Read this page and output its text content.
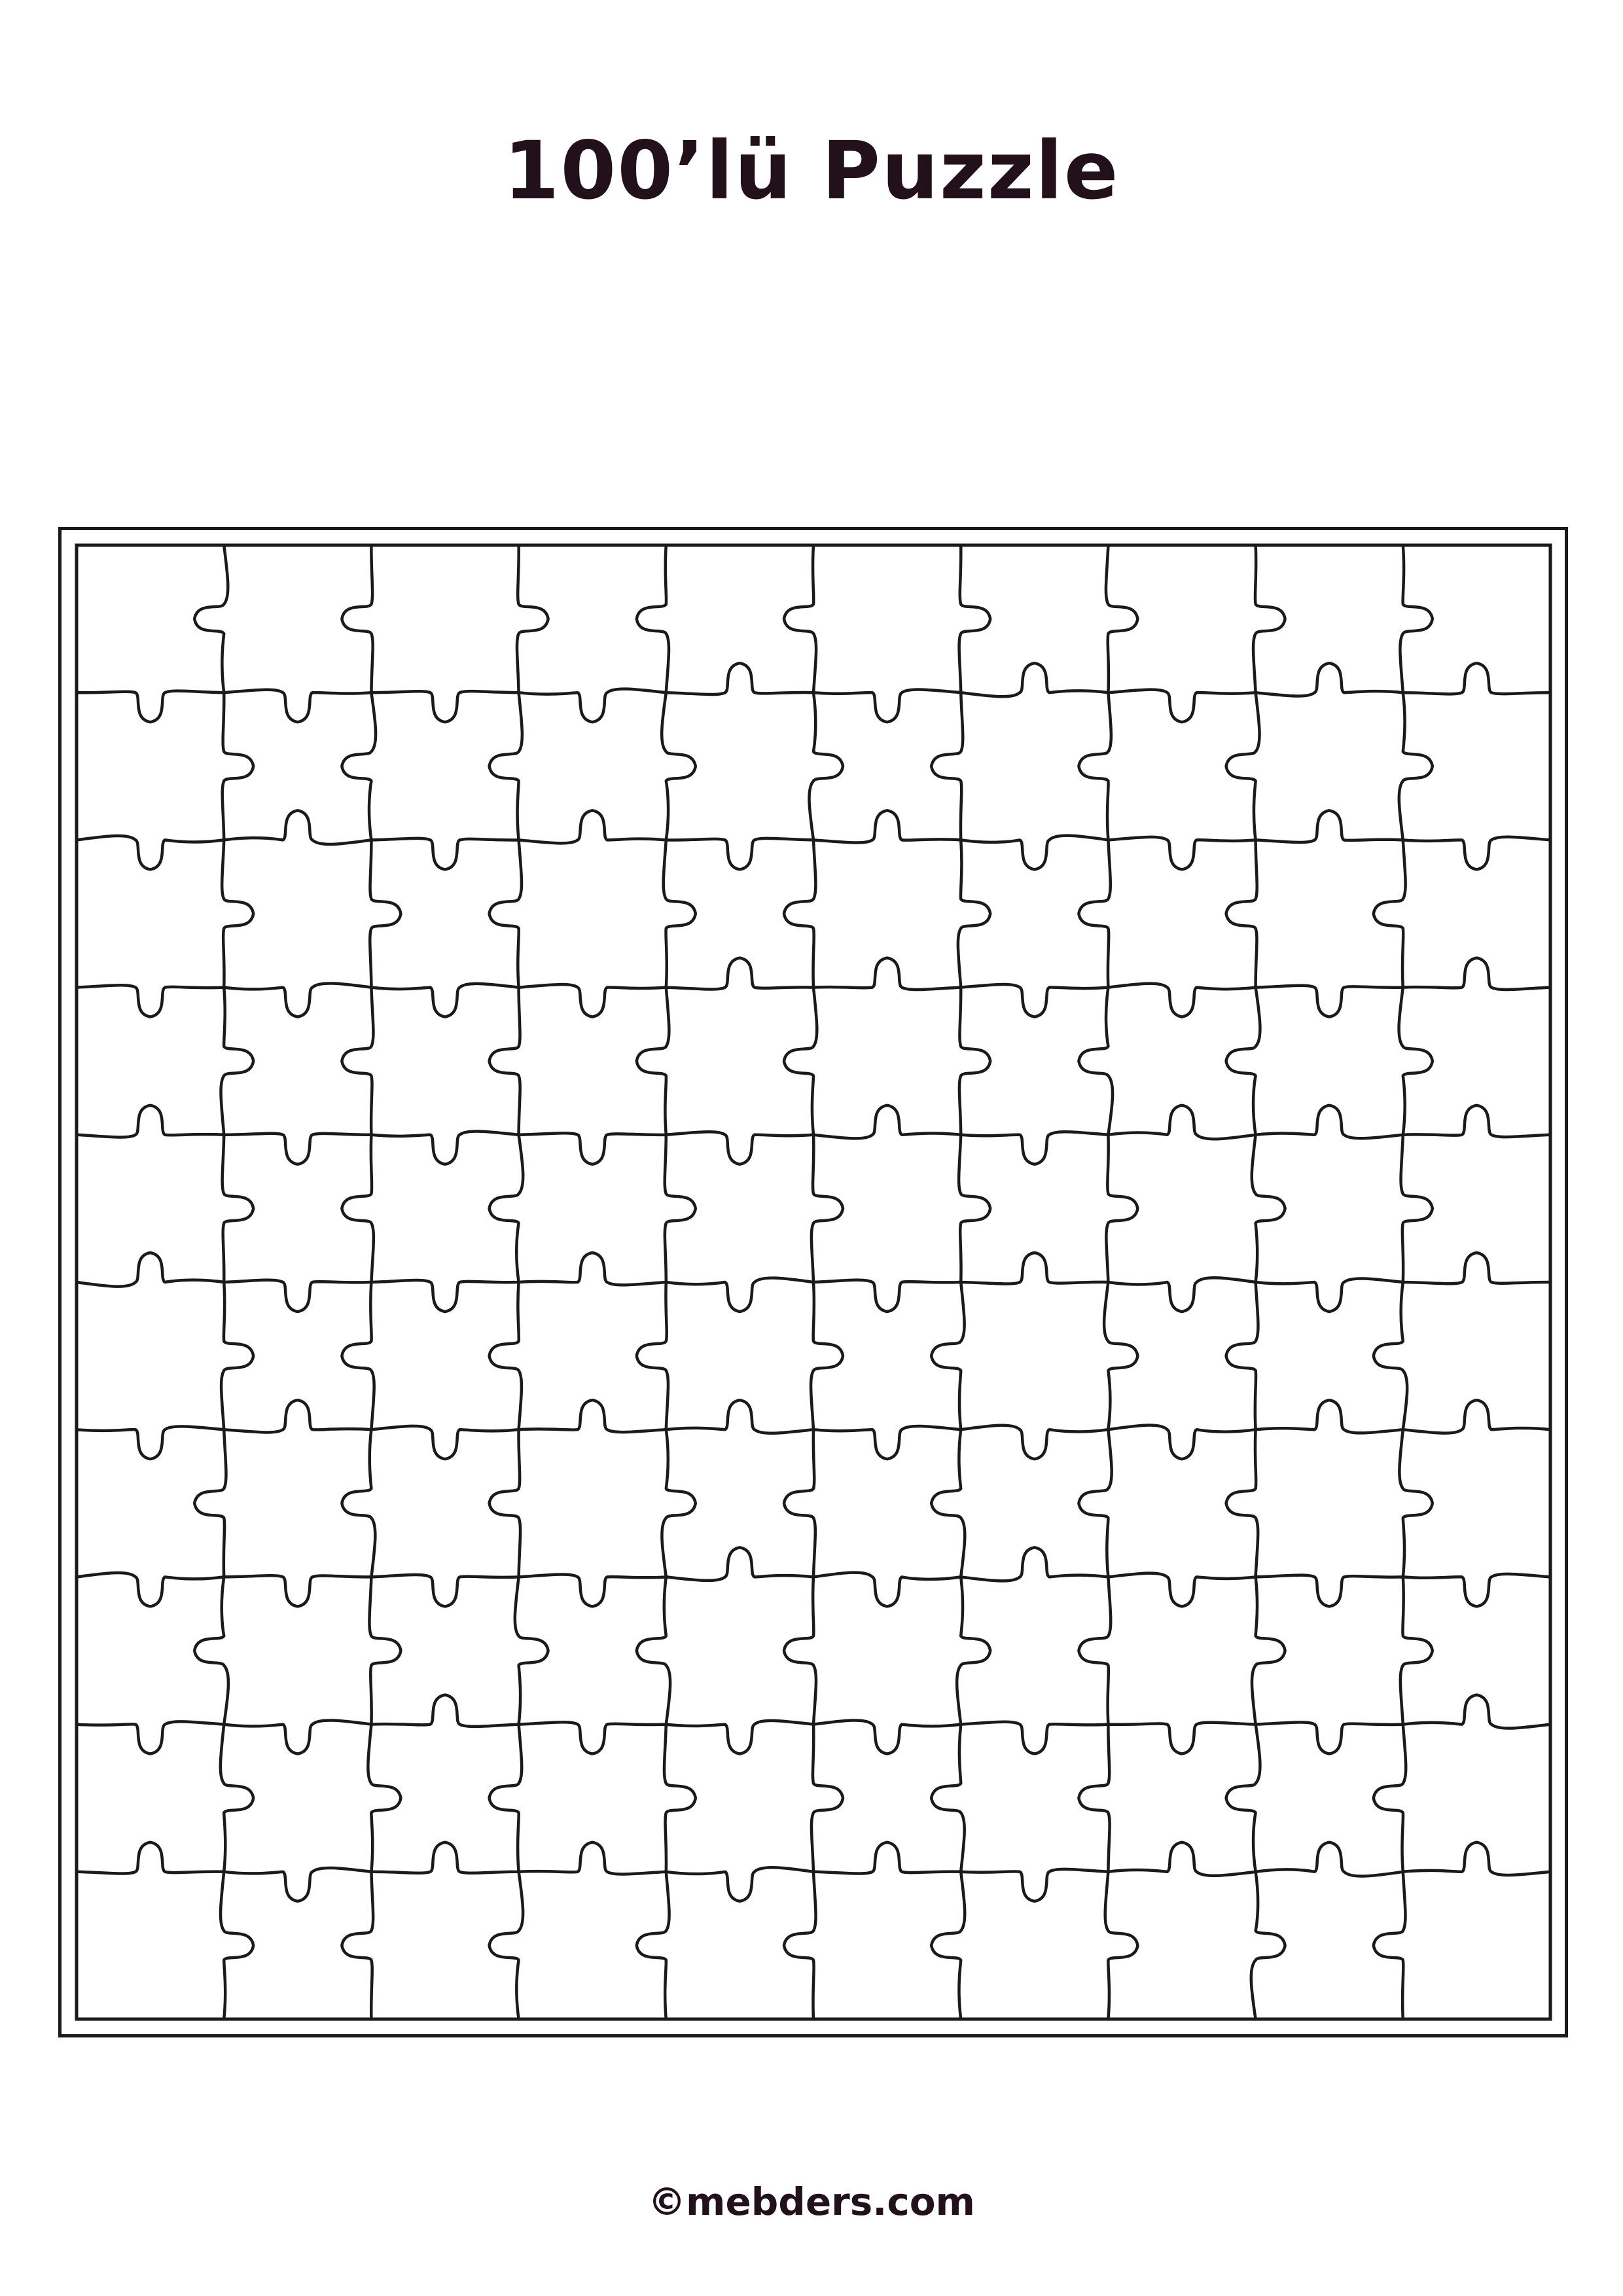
100’lü Puzzle
©mebders.com
